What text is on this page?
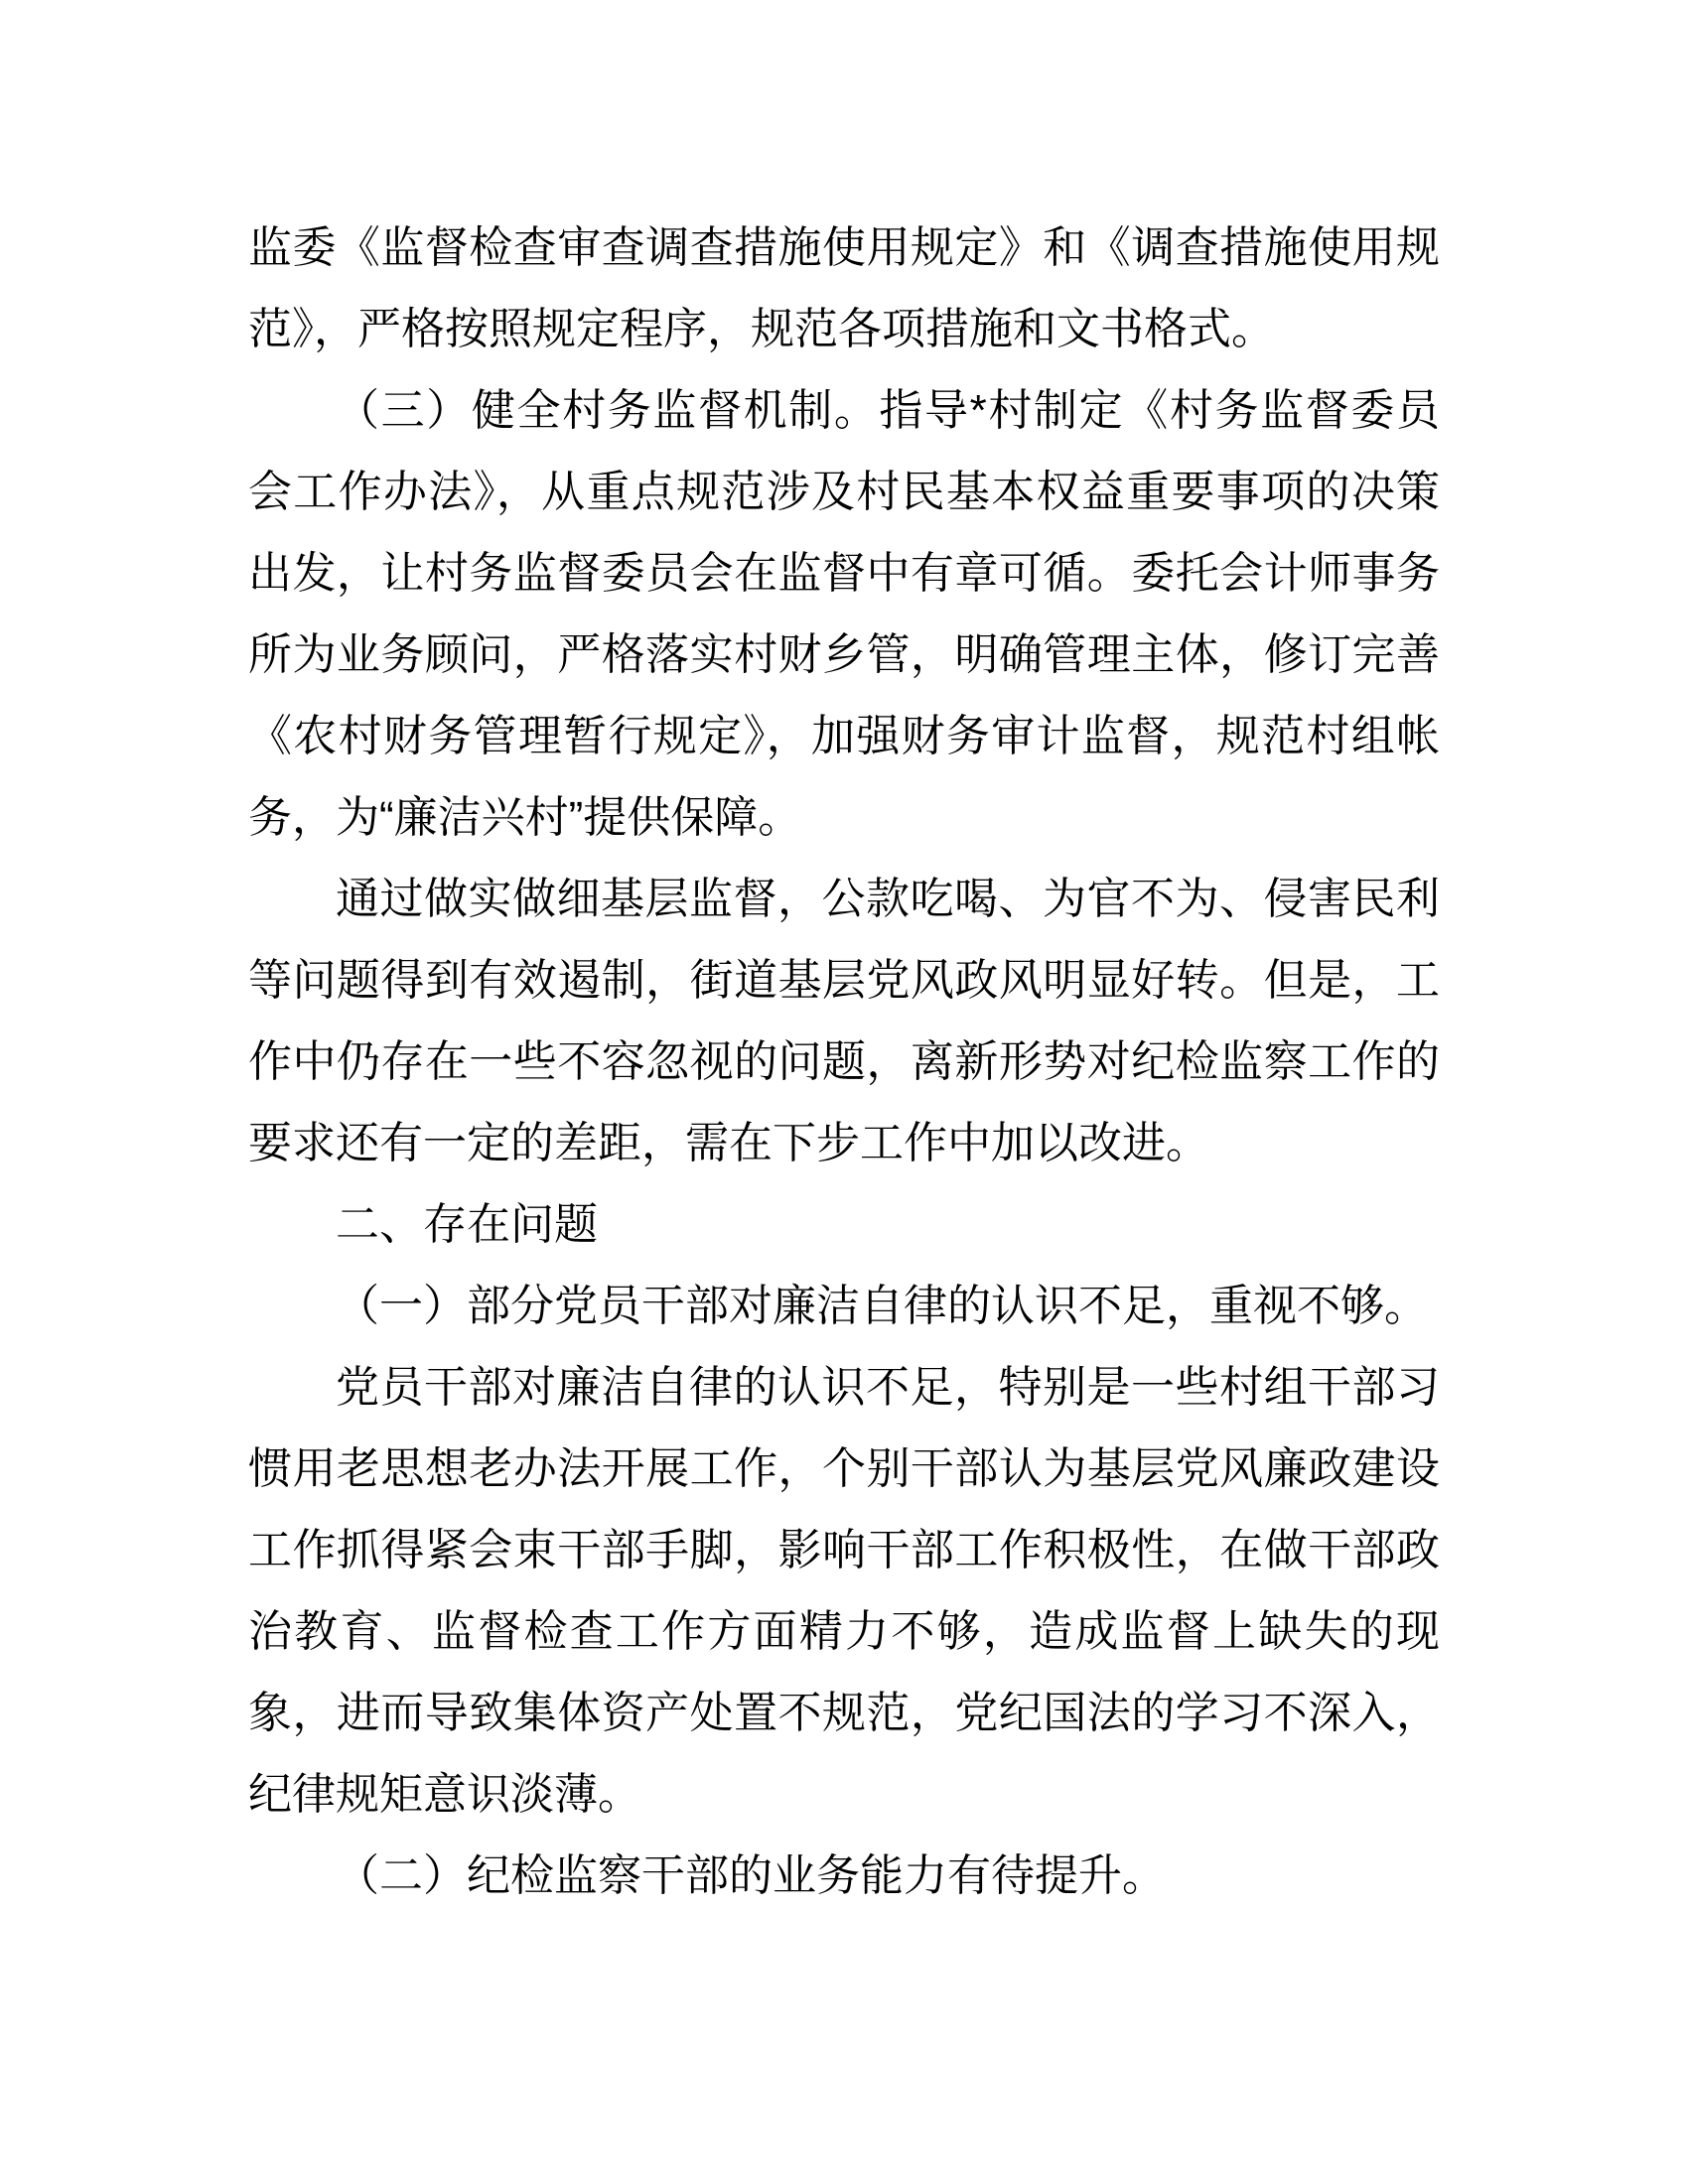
监委《监督检查审查调查措施使用规定》和《调查措施使用规范》，严格按照规定程序，规范各项措施和文书格式。

（三）健全村务监督机制。指导*村制定《村务监督委员会工作办法》，从重点规范涉及村民基本权益重要事项的决策出发，让村务监督委员会在监督中有章可循。委托会计师事务所为业务顾问，严格落实村财乡管，明确管理主体，修订完善《农村财务管理暂行规定》，加强财务审计监督，规范村组帐务，为“廉洁兴村”提供保障。

通过做实做细基层监督，公款吃喝、为官不为、侵害民利等问题得到有效遏制，街道基层党风政风明显好转。但是，工作中仍存在一些不容忽视的问题，离新形势对纪检监察工作的要求还有一定的差距，需在下步工作中加以改进。

二、存在问题

（一）部分党员干部对廉洁自律的认识不足，重视不够。

党员干部对廉洁自律的认识不足，特别是一些村组干部习惯用老思想老办法开展工作，个别干部认为基层党风廉政建设工作抓得紧会束干部手脚，影响干部工作积极性，在做干部政治教育、监督检查工作方面精力不够，造成监督上缺失的现象，进而导致集体资产处置不规范，党纪国法的学习不深入，纪律规矩意识淡薄。

（二）纪检监察干部的业务能力有待提升。
